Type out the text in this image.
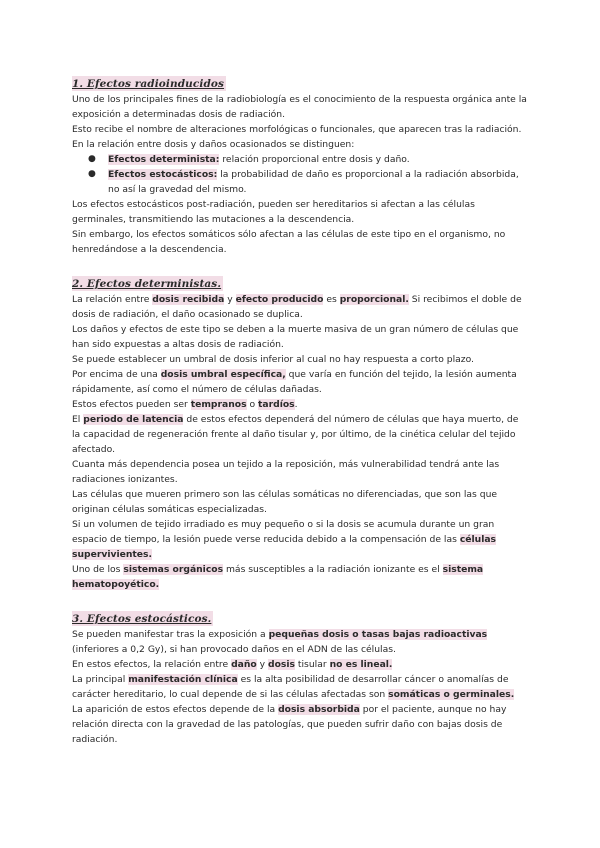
1. Efectos radioinducidos

Uno de los principales fines de la radiobiología es el conocimiento de la respuesta orgánica ante la exposición a determinadas dosis de radiación.

Esto recibe el nombre de alteraciones morfológicas o funcionales, que aparecen tras la radiación.

En la relación entre dosis y daños ocasionados se distinguen:

● Efectos determinista: relación proporcional entre dosis y daño.
● Efectos estocásticos: la probabilidad de daño es proporcional a la radiación absorbida, no así la gravedad del mismo.

Los efectos estocásticos post-radiación, pueden ser hereditarios si afectan a las células germinales, transmitiendo las mutaciones a la descendencia.

Sin embargo, los efectos somáticos sólo afectan a las células de este tipo en el organismo, no henredándose a la descendencia.

2. Efectos deterministas.

La relación entre dosis recibida y efecto producido es proporcional. Si recibimos el doble de dosis de radiación, el daño ocasionado se duplica.

Los daños y efectos de este tipo se deben a la muerte masiva de un gran número de células que han sido expuestas a altas dosis de radiación.

Se puede establecer un umbral de dosis inferior al cual no hay respuesta a corto plazo.

Por encima de una dosis umbral específica, que varía en función del tejido, la lesión aumenta rápidamente, así como el número de células dañadas.

Estos efectos pueden ser tempranos o tardíos.

El periodo de latencia de estos efectos dependerá del número de células que haya muerto, de la capacidad de regeneración frente al daño tisular y, por último, de la cinética celular del tejido afectado.

Cuanta más dependencia posea un tejido a la reposición, más vulnerabilidad tendrá ante las radiaciones ionizantes.

Las células que mueren primero son las células somáticas no diferenciadas, que son las que originan células somáticas especializadas.

Si un volumen de tejido irradiado es muy pequeño o si la dosis se acumula durante un gran espacio de tiempo, la lesión puede verse reducida debido a la compensación de las células supervivientes.

Uno de los sistemas orgánicos más susceptibles a la radiación ionizante es el sistema hematopoyético.

3. Efectos estocásticos.

Se pueden manifestar tras la exposición a pequeñas dosis o tasas bajas radioactivas (inferiores a 0,2 Gy), si han provocado daños en el ADN de las células.

En estos efectos, la relación entre daño y dosis tisular no es lineal.

La principal manifestación clínica es la alta posibilidad de desarrollar cáncer o anomalías de carácter hereditario, lo cual depende de si las células afectadas son somáticas o germinales.

La aparición de estos efectos depende de la dosis absorbida por el paciente, aunque no hay relación directa con la gravedad de las patologías, que pueden sufrir daño con bajas dosis de radiación.
